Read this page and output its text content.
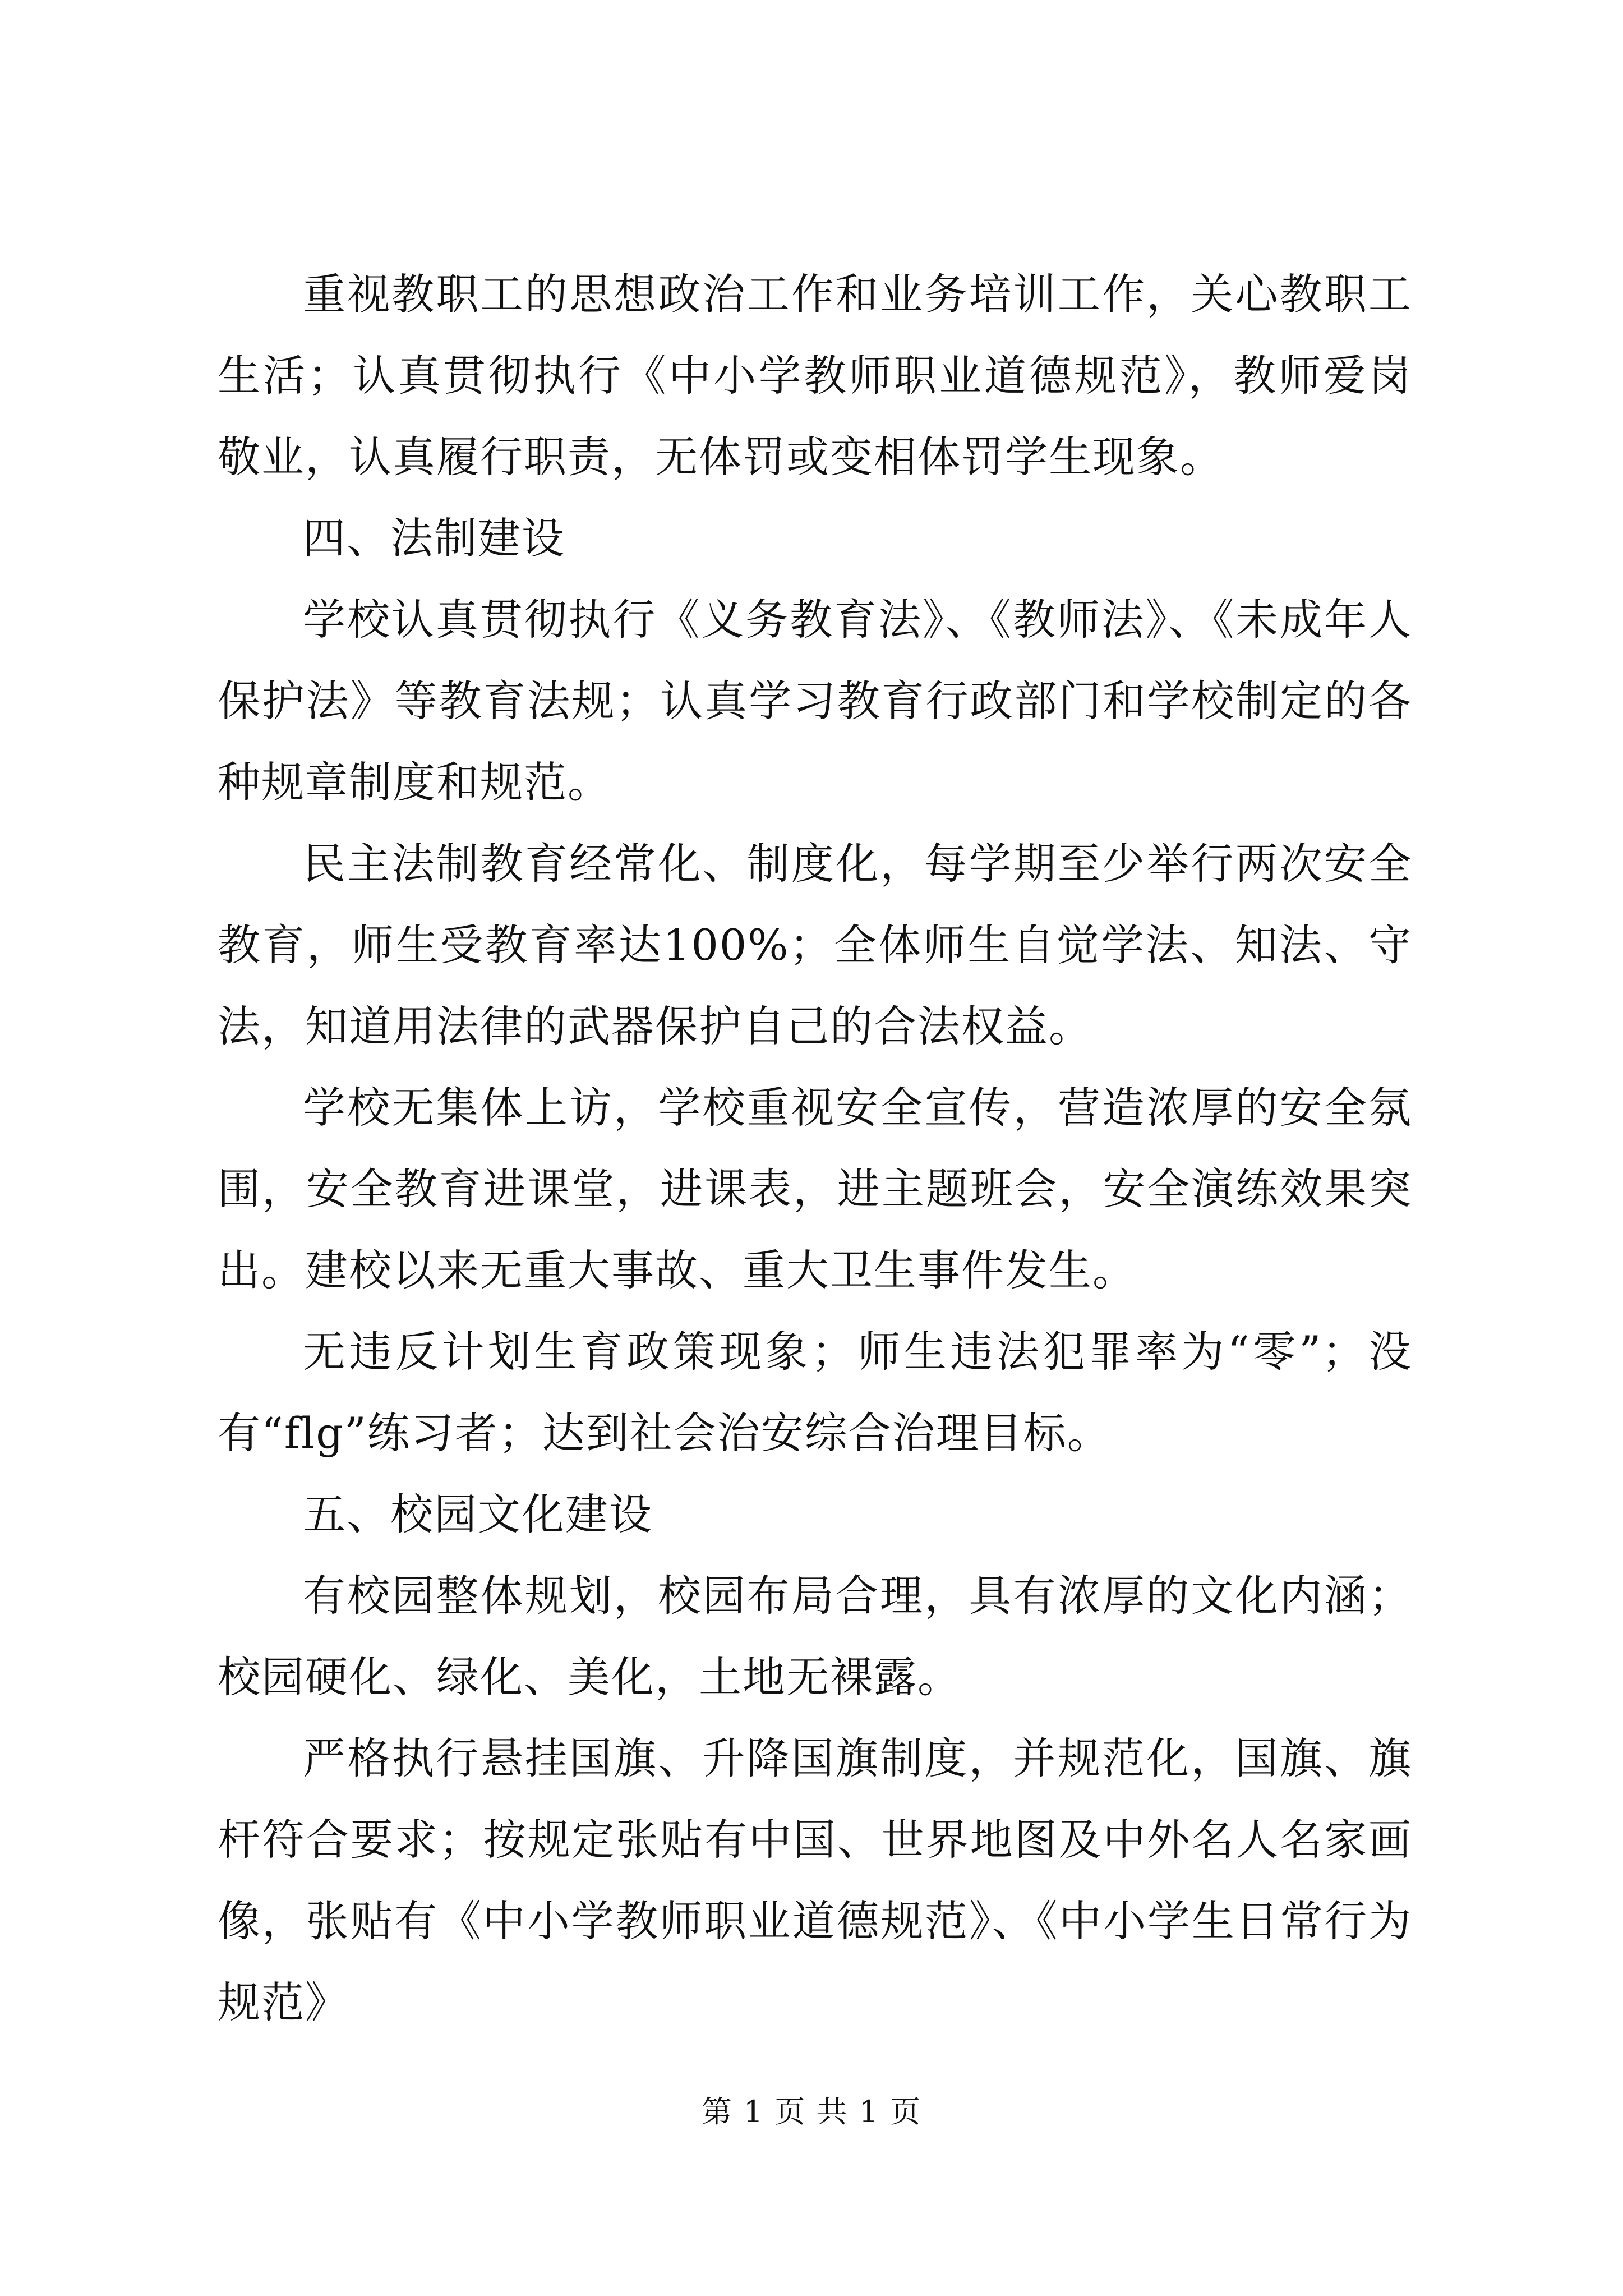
重视教职工的思想政治工作和业务培训工作，关心教职工生活；认真贯彻执行《中小学教师职业道德规范》，教师爱岗敬业，认真履行职责，无体罚或变相体罚学生现象。

四、法制建设

学校认真贯彻执行《义务教育法》、《教师法》、《未成年人保护法》等教育法规；认真学习教育行政部门和学校制定的各种规章制度和规范。

民主法制教育经常化、制度化，每学期至少举行两次安全教育，师生受教育率达100%；全体师生自觉学法、知法、守法，知道用法律的武器保护自己的合法权益。

学校无集体上访，学校重视安全宣传，营造浓厚的安全氛围，安全教育进课堂，进课表，进主题班会，安全演练效果突出。建校以来无重大事故、重大卫生事件发生。

无违反计划生育政策现象；师生违法犯罪率为“零”；没有“flg”练习者；达到社会治安综合治理目标。

五、校园文化建设

有校园整体规划，校园布局合理，具有浓厚的文化内涵；校园硬化、绿化、美化，土地无裸露。

严格执行悬挂国旗、升降国旗制度，并规范化，国旗、旗杆符合要求；按规定张贴有中国、世界地图及中外名人名家画像，张贴有《中小学教师职业道德规范》、《中小学生日常行为规范》

第 1 页 共 1 页
